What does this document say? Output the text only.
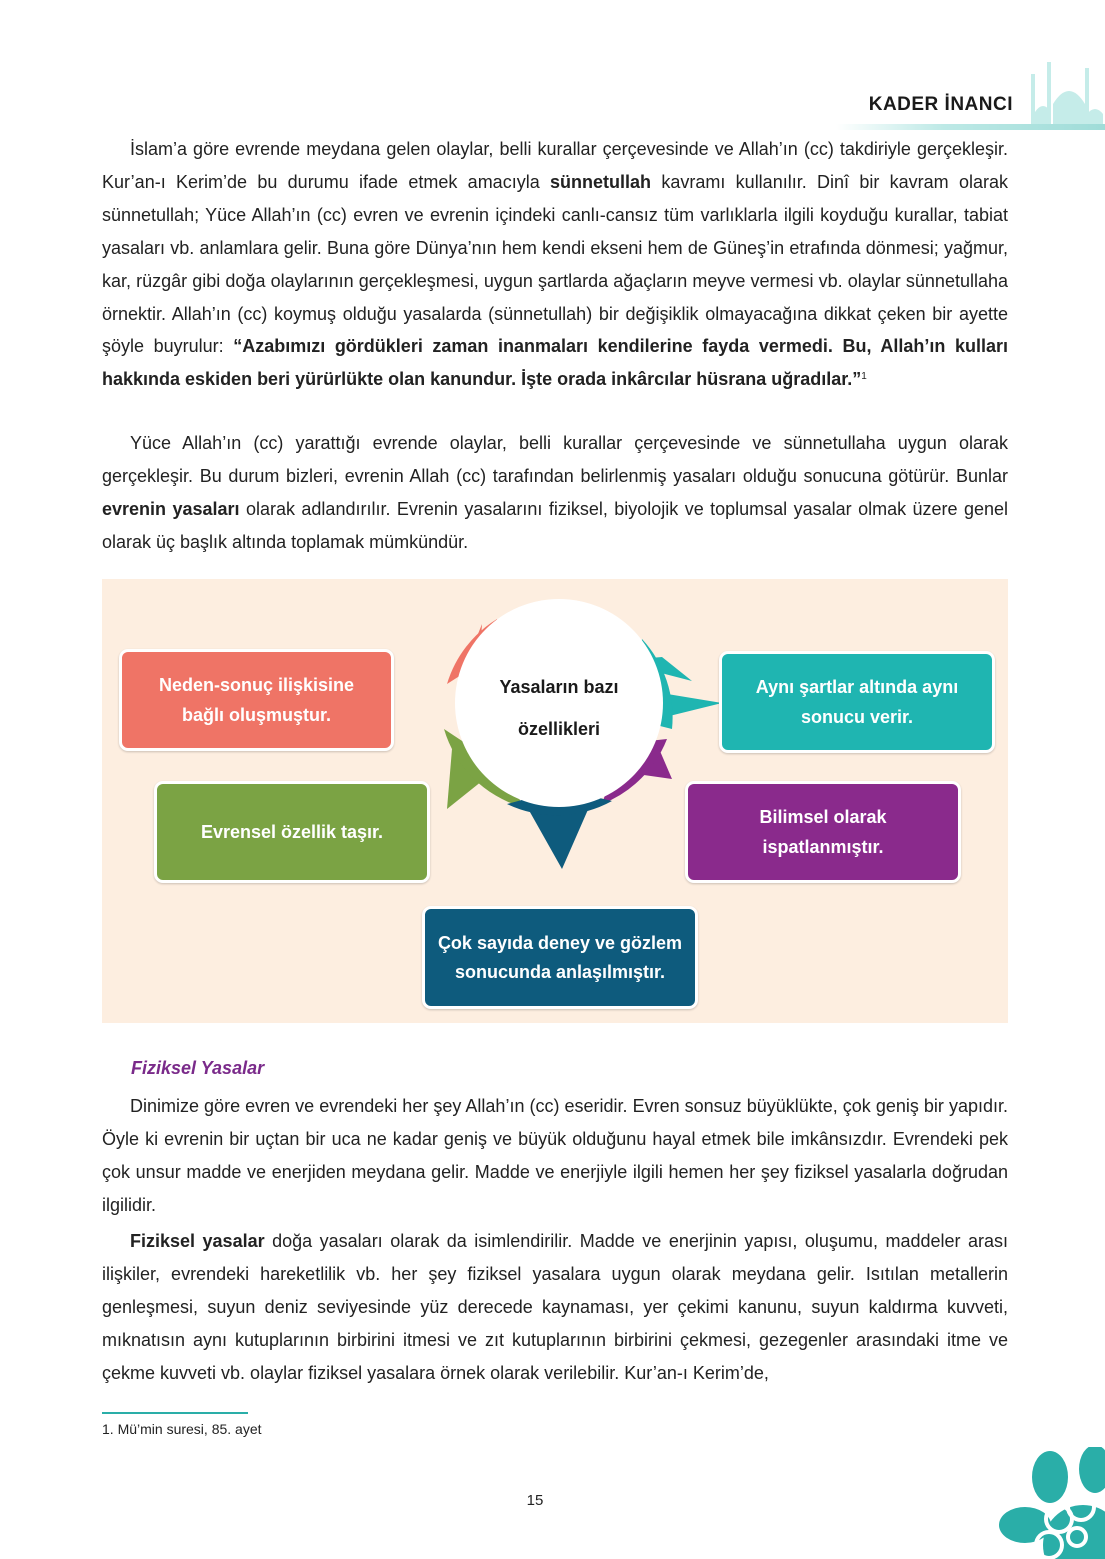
KADER İNANCI

İslam’a göre evrende meydana gelen olaylar, belli kurallar çerçevesinde ve Allah’ın (cc) takdiriyle gerçekleşir. Kur’an-ı Kerim’de bu durumu ifade etmek amacıyla sünnetullah kavramı kullanılır. Dinî bir kavram olarak sünnetullah; Yüce Allah’ın (cc) evren ve evrenin içindeki canlı-cansız tüm varlıklarla ilgili koyduğu kurallar, tabiat yasaları vb. anlamlara gelir. Buna göre Dünya’nın hem kendi ekseni hem de Güneş’in etrafında dönmesi; yağmur, kar, rüzgâr gibi doğa olaylarının gerçekleşmesi, uygun şartlarda ağaçların meyve vermesi vb. olaylar sünnetullaha örnektir. Allah’ın (cc) koymuş olduğu yasalarda (sünnetullah) bir değişiklik olmayacağına dikkat çeken bir ayette şöyle buyrulur: “Azabımızı gördükleri zaman inanmaları kendilerine fayda vermedi. Bu, Allah’ın kulları hakkında eskiden beri yürürlükte olan kanundur. İşte orada inkârcılar hüsrana uğradılar.”$^1$

Yüce Allah’ın (cc) yarattığı evrende olaylar, belli kurallar çerçevesinde ve sünnetullaha uygun olarak gerçekleşir. Bu durum bizleri, evrenin Allah (cc) tarafından belirlenmiş yasaları olduğu sonucuna götürür. Bunlar evrenin yasaları olarak adlandırılır. Evrenin yasalarını fiziksel, biyolojik ve toplumsal yasalar olmak üzere genel olarak üç başlık altında toplamak mümkündür.

Yasaların bazı
özellikleri
Neden-sonuç ilişkisine bağlı oluşmuştur.
Aynı şartlar altında aynı sonucu verir.
Evrensel özellik taşır.
Bilimsel olarak ispatlanmıştır.
Çok sayıda deney ve gözlem sonucunda anlaşılmıştır.
Fiziksel Yasalar

Dinimize göre evren ve evrendeki her şey Allah’ın (cc) eseridir. Evren sonsuz büyüklükte, çok geniş bir yapıdır. Öyle ki evrenin bir uçtan bir uca ne kadar geniş ve büyük olduğunu hayal etmek bile imkânsızdır. Evrendeki pek çok unsur madde ve enerjiden meydana gelir. Madde ve enerjiyle ilgili hemen her şey fiziksel yasalarla doğrudan ilgilidir.

Fiziksel yasalar doğa yasaları olarak da isimlendirilir. Madde ve enerjinin yapısı, oluşumu, maddeler arası ilişkiler, evrendeki hareketlilik vb. her şey fiziksel yasalara uygun olarak meydana gelir. Isıtılan metallerin genleşmesi, suyun deniz seviyesinde yüz derecede kaynaması, yer çekimi kanunu, suyun kaldırma kuvveti, mıknatısın aynı kutuplarının birbirini itmesi ve zıt kutuplarının birbirini çekmesi, gezegenler arasındaki itme ve çekme kuvveti vb. olaylar fiziksel yasalara örnek olarak verilebilir. Kur’an-ı Kerim’de,

1. Mü’min suresi, 85. ayet
15
